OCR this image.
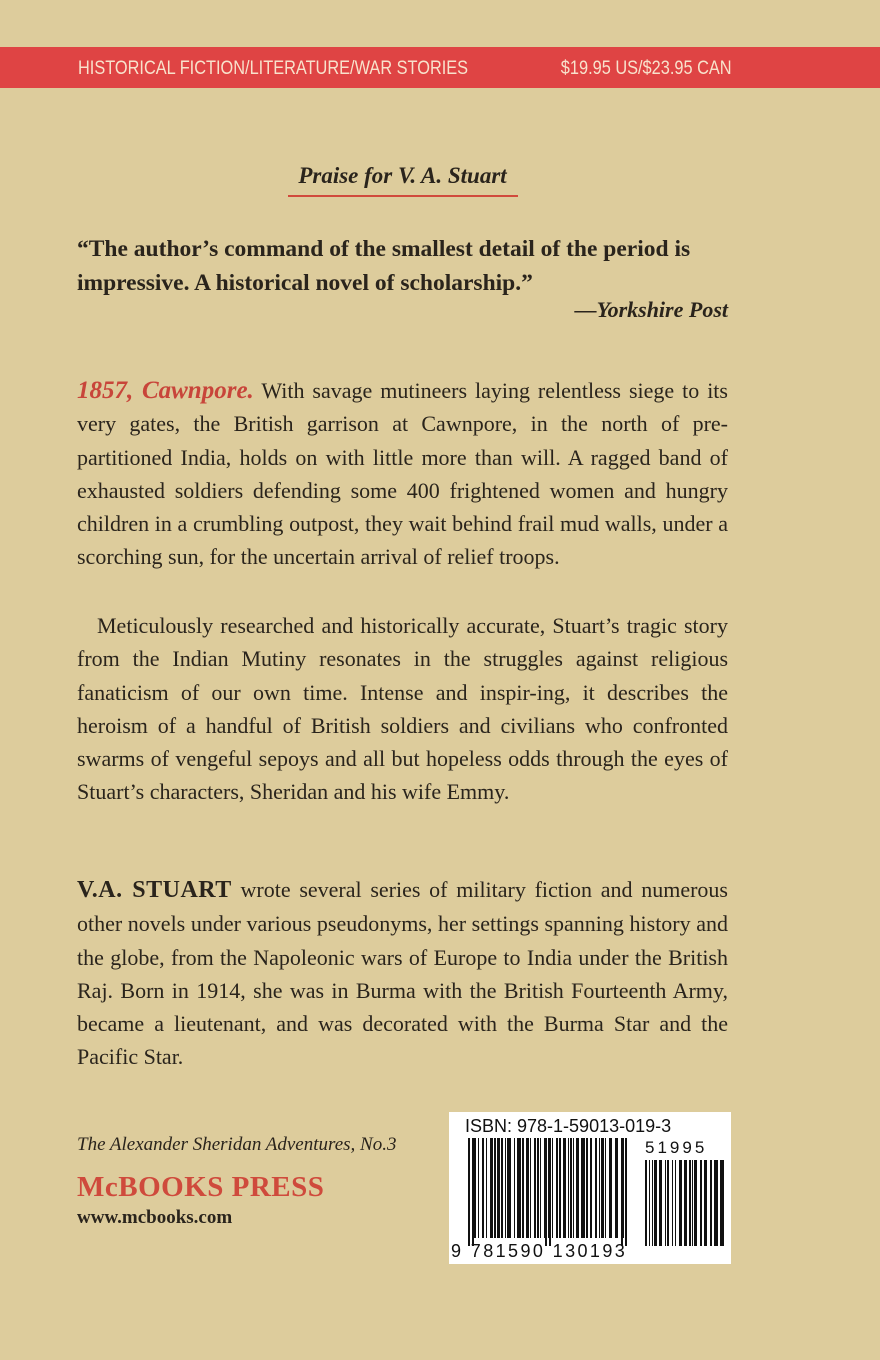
HISTORICAL FICTION/LITERATURE/WAR STORIES	$19.95 US/$23.95 CAN
Praise for V. A. Stuart
“The author’s command of the smallest detail of the period is impressive. A historical novel of scholarship.”
—Yorkshire Post
1857, Cawnpore. With savage mutineers laying relentless siege to its very gates, the British garrison at Cawnpore, in the north of pre-partitioned India, holds on with little more than will. A ragged band of exhausted soldiers defending some 400 frightened women and hungry children in a crumbling outpost, they wait behind frail mud walls, under a scorching sun, for the uncertain arrival of relief troops.
Meticulously researched and historically accurate, Stuart’s tragic story from the Indian Mutiny resonates in the struggles against religious fanaticism of our own time. Intense and inspir-ing, it describes the heroism of a handful of British soldiers and civilians who confronted swarms of vengeful sepoys and all but hopeless odds through the eyes of Stuart’s characters, Sheridan and his wife Emmy.
V.A. STUART wrote several series of military fiction and numerous other novels under various pseudonyms, her settings spanning history and the globe, from the Napoleonic wars of Europe to India under the British Raj. Born in 1914, she was in Burma with the British Fourteenth Army, became a lieutenant, and was decorated with the Burma Star and the Pacific Star.
The Alexander Sheridan Adventures, No.3
McBOOKS PRESS
www.mcbooks.com
ISBN: 978-1-59013-019-3
51995
9 781590 130193
